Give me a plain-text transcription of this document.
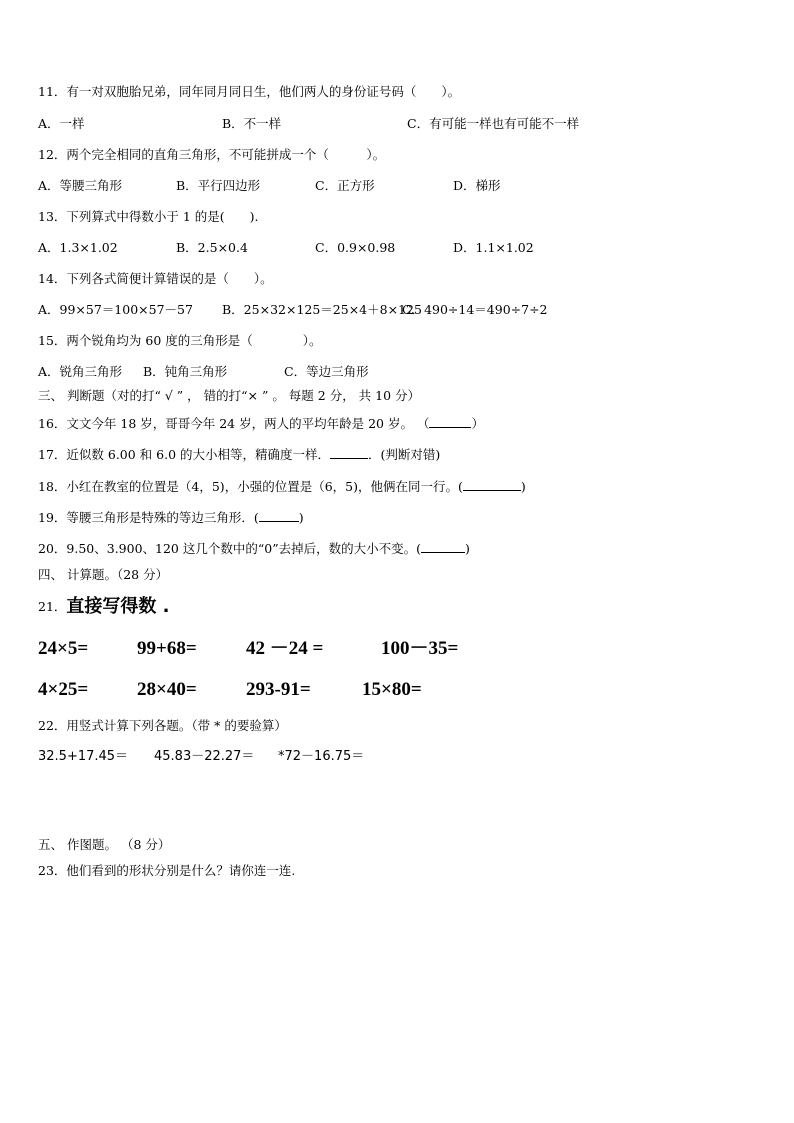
11．有一对双胞胎兄弟，同年同月同日生，他们两人的身份证号码（　　）。
A．一样	B．不一样	C．有可能一样也有可能不一样
12．两个完全相同的直角三角形，不可能拼成一个（　　　）。
A．等腰三角形	B．平行四边形	C．正方形	D．梯形
13．下列算式中得数小于 1 的是(　　).
A．1.3×1.02	B．2.5×0.4	C．0.9×0.98	D．1.1×1.02
14．下列各式简便计算错误的是（　　）。
A．99×57＝100×57－57 B．25×32×125＝25×4＋8×125
C．490÷14＝490÷7÷2
15．两个锐角均为 60 度的三角形是（　　　　）。
A．锐角三角形 B．钝角三角形	C．等边三角形
三、 判断题（对的打“ √ ” ， 错的打“× ” 。 每题 2 分， 共 10 分）
16．文文今年 18 岁，哥哥今年 24 岁，两人的平均年龄是 20 岁。 （	）
17．近似数 6.00 和 6.0 的大小相等，精确度一样．	．(判断对错)
18．小红在教室的位置是（4，5)，小强的位置是（6，5)，他俩在同一行。(	)
19．等腰三角形是特殊的等边三角形．(	)
20．9.50、3.900、120 这几个数中的“0”去掉后，数的大小不变。(	)
四、 计算题。（28 分）
21．直接写得数 .
24×5=	99+68=	42 －24 =	100－35=
4×25=	28×40=	293-91=	15×80=
22．用竖式计算下列各题。（带 * 的要验算）
32.5+17.45＝ 45.83－22.27＝ *72－16.75＝
五、 作图题。 （8 分）
23．他们看到的形状分别是什么？请你连一连.
